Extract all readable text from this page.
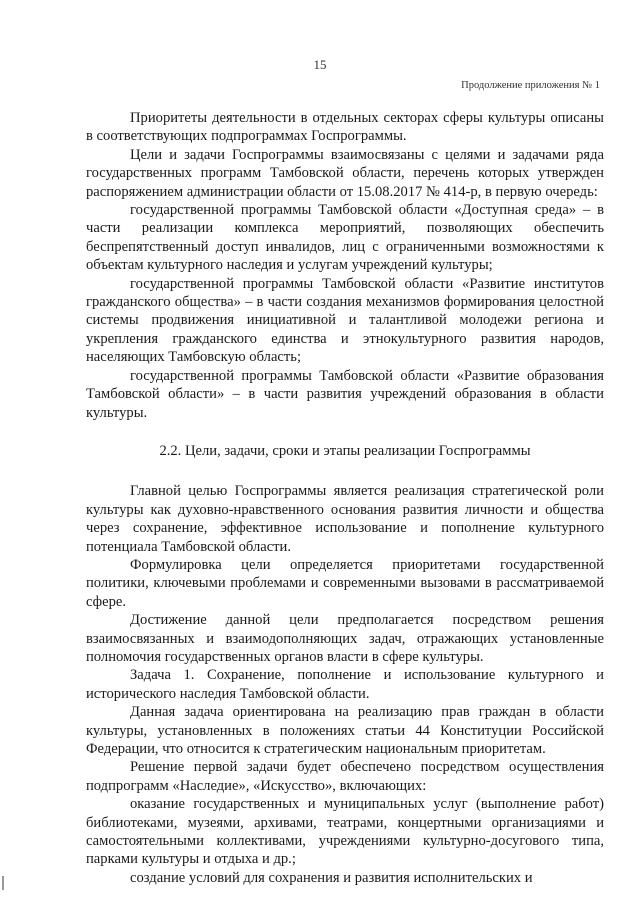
15
Продолжение приложения № 1

Приоритеты деятельности в отдельных секторах сферы культуры описаны в соответствующих подпрограммах Госпрограммы.

Цели и задачи Госпрограммы взаимосвязаны с целями и задачами ряда государственных программ Тамбовской области, перечень которых утвержден распоряжением администрации области от 15.08.2017 № 414-р, в первую очередь:

государственной программы Тамбовской области «Доступная среда» – в части реализации комплекса мероприятий, позволяющих обеспечить беспрепятственный доступ инвалидов, лиц с ограниченными возможностями к объектам культурного наследия и услугам учреждений культуры;

государственной программы Тамбовской области «Развитие институтов гражданского общества» – в части создания механизмов формирования целостной системы продвижения инициативной и талантливой молодежи региона и укрепления гражданского единства и этнокультурного развития народов, населяющих Тамбовскую область;

государственной программы Тамбовской области «Развитие образования Тамбовской области» – в части развития учреждений образования в области культуры.

2.2. Цели, задачи, сроки и этапы реализации Госпрограммы

Главной целью Госпрограммы является реализация стратегической роли культуры как духовно-нравственного основания развития личности и общества через сохранение, эффективное использование и пополнение культурного потенциала Тамбовской области.

Формулировка цели определяется приоритетами государственной политики, ключевыми проблемами и современными вызовами в рассматриваемой сфере.

Достижение данной цели предполагается посредством решения взаимосвязанных и взаимодополняющих задач, отражающих установленные полномочия государственных органов власти в сфере культуры.

Задача 1. Сохранение, пополнение и использование культурного и исторического наследия Тамбовской области.

Данная задача ориентирована на реализацию прав граждан в области культуры, установленных в положениях статьи 44 Конституции Российской Федерации, что относится к стратегическим национальным приоритетам.

Решение первой задачи будет обеспечено посредством осуществления подпрограмм «Наследие», «Искусство», включающих:

оказание государственных и муниципальных услуг (выполнение работ) библиотеками, музеями, архивами, театрами, концертными организациями и самостоятельными коллективами, учреждениями культурно-досугового типа, парками культуры и отдыха и др.;

создание условий для сохранения и развития исполнительских и
